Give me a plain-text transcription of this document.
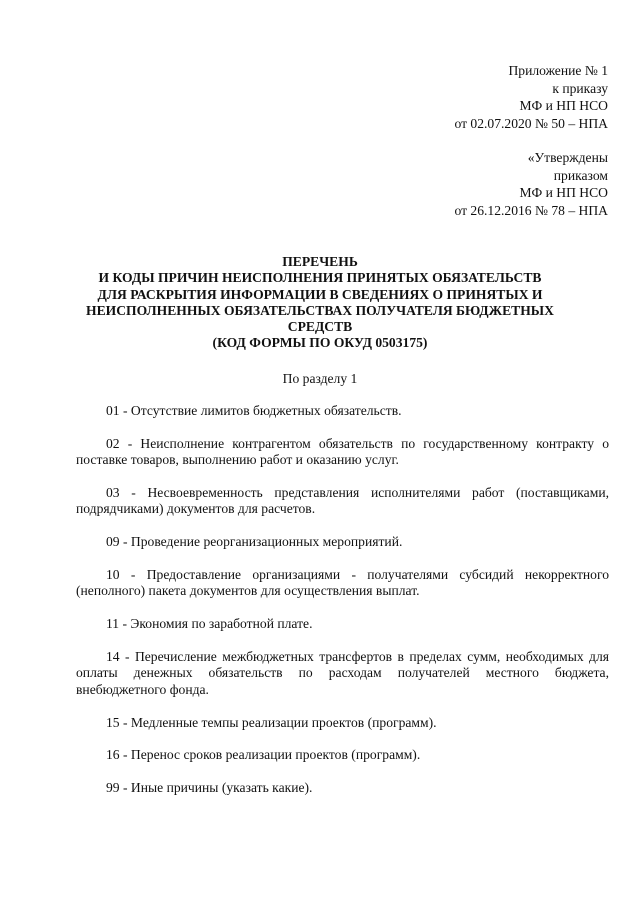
Приложение № 1
к приказу
МФ и НП НСО
от 02.07.2020 № 50 – НПА
«Утверждены
приказом
МФ и НП НСО
от 26.12.2016 № 78 – НПА
ПЕРЕЧЕНЬ
И КОДЫ ПРИЧИН НЕИСПОЛНЕНИЯ ПРИНЯТЫХ ОБЯЗАТЕЛЬСТВ
ДЛЯ РАСКРЫТИЯ ИНФОРМАЦИИ В СВЕДЕНИЯХ О ПРИНЯТЫХ И
НЕИСПОЛНЕННЫХ ОБЯЗАТЕЛЬСТВАХ ПОЛУЧАТЕЛЯ БЮДЖЕТНЫХ
СРЕДСТВ
(КОД ФОРМЫ ПО ОКУД 0503175)
По разделу 1

01 - Отсутствие лимитов бюджетных обязательств.

02 - Неисполнение контрагентом обязательств по государственному контракту о поставке товаров, выполнению работ и оказанию услуг.

03 - Несвоевременность представления исполнителями работ (поставщиками, подрядчиками) документов для расчетов.

09 - Проведение реорганизационных мероприятий.

10 - Предоставление организациями - получателями субсидий некорректного (неполного) пакета документов для осуществления выплат.

11 - Экономия по заработной плате.

14 - Перечисление межбюджетных трансфертов в пределах сумм, необходимых для оплаты денежных обязательств по расходам получателей местного бюджета, внебюджетного фонда.

15 - Медленные темпы реализации проектов (программ).

16 - Перенос сроков реализации проектов (программ).

99 - Иные причины (указать какие).
